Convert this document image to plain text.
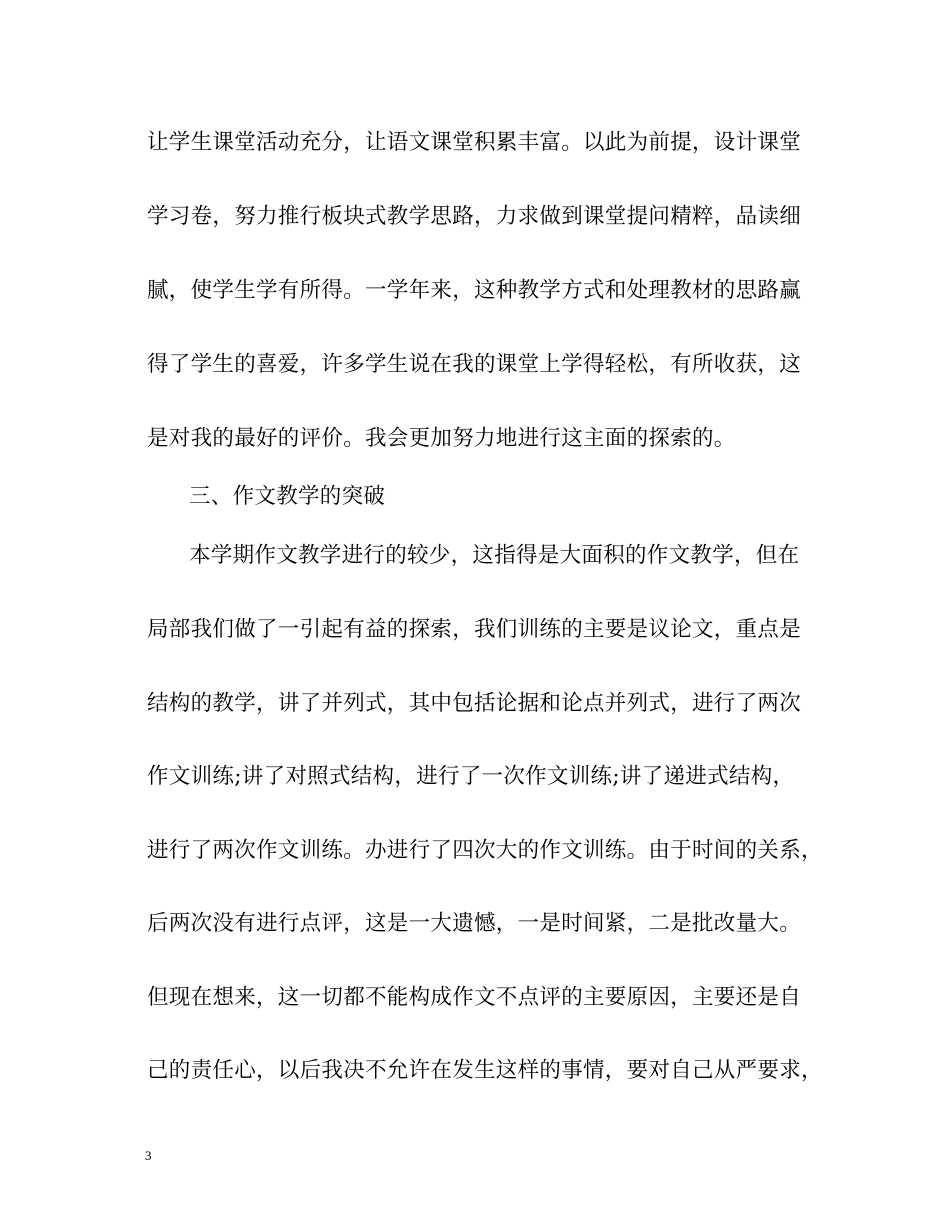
让学生课堂活动充分，让语文课堂积累丰富。以此为前提，设计课堂
学习卷，努力推行板块式教学思路，力求做到课堂提问精粹，品读细
腻，使学生学有所得。一学年来，这种教学方式和处理教材的思路赢
得了学生的喜爱，许多学生说在我的课堂上学得轻松，有所收获，这
是对我的最好的评价。我会更加努力地进行这主面的探索的。
三、作文教学的突破
本学期作文教学进行的较少，这指得是大面积的作文教学，但在
局部我们做了一引起有益的探索，我们训练的主要是议论文，重点是
结构的教学，讲了并列式，其中包括论据和论点并列式，进行了两次
作文训练;讲了对照式结构，进行了一次作文训练;讲了递进式结构，
进行了两次作文训练。办进行了四次大的作文训练。由于时间的关系，
后两次没有进行点评，这是一大遗憾，一是时间紧，二是批改量大。
但现在想来，这一切都不能构成作文不点评的主要原因，主要还是自
己的责任心，以后我决不允许在发生这样的事情，要对自己从严要求，
3
